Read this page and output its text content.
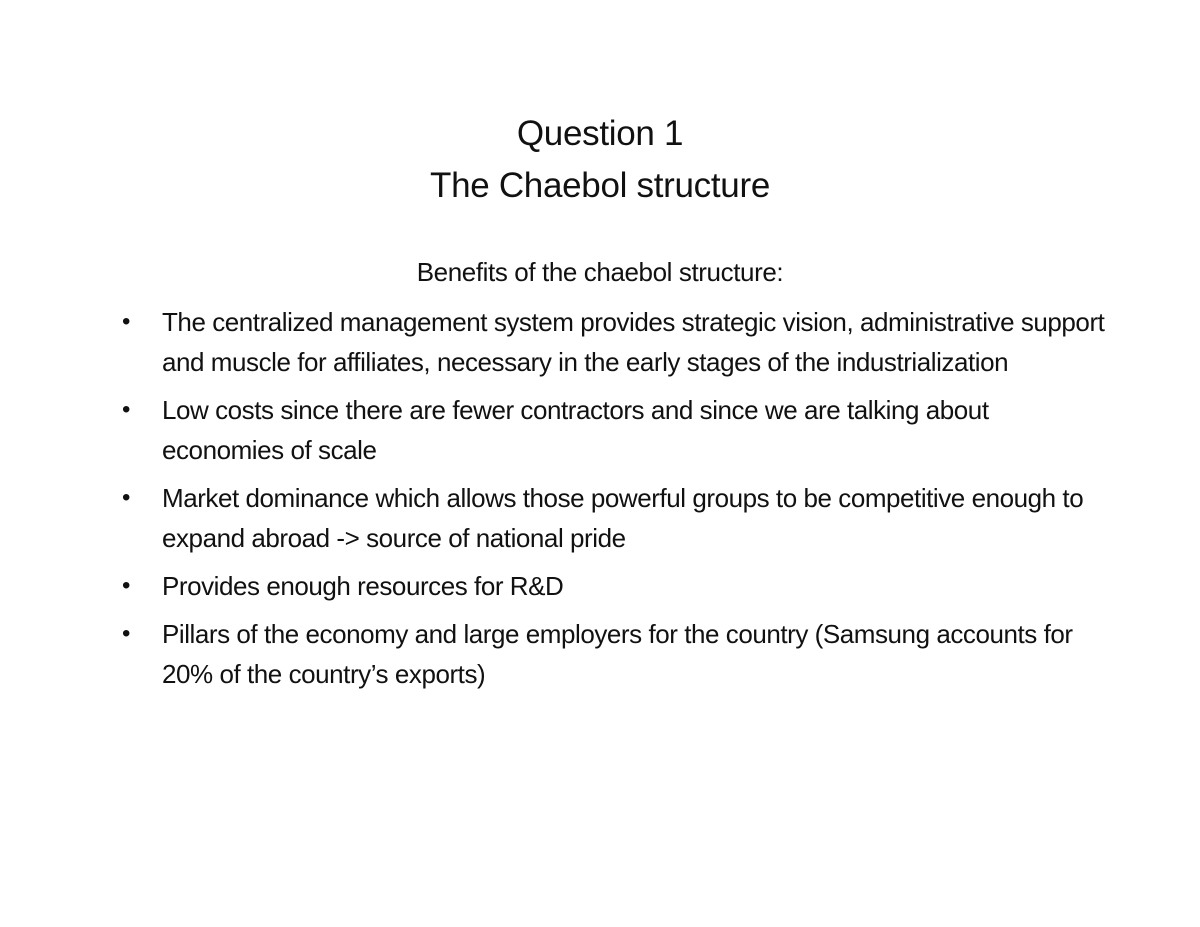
Question 1
The Chaebol structure
Benefits of the chaebol structure:
• The centralized management system provides strategic vision, administrative support and muscle for affiliates, necessary in the early stages of the industrialization
• Low costs since there are fewer contractors and since we are talking about economies of scale
• Market dominance which allows those powerful groups to be competitive enough to expand abroad -> source of national pride
• Provides enough resources for R&D
• Pillars of the economy and large employers for the country (Samsung accounts for 20% of the country’s exports)
